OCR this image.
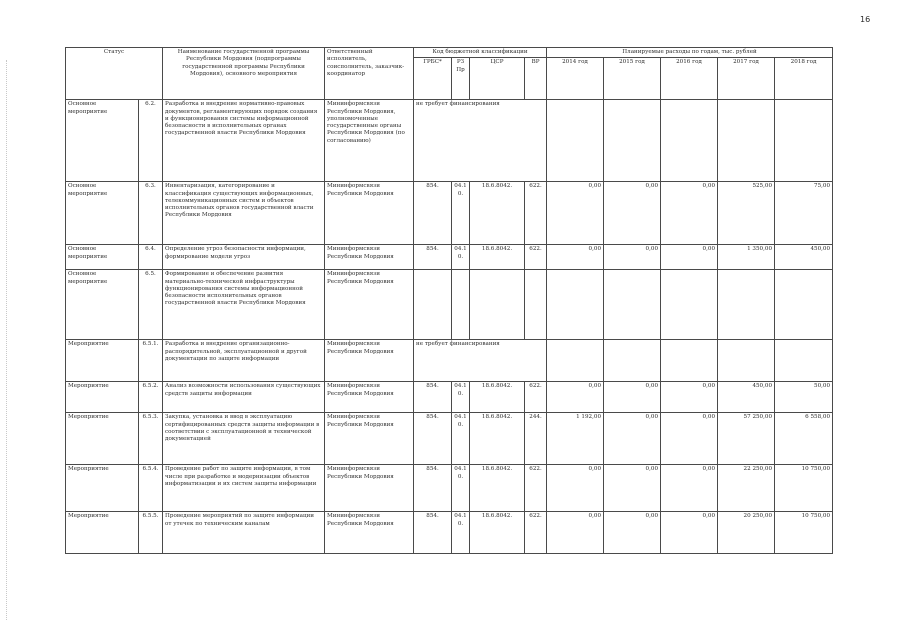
16
Статус		Наименование государственной программы Республики Мордовия (подпрограммы государственной программы Республики Мордовия), основного мероприятия	Ответственный исполнитель, соисполнитель, заказчик-координатор	Код бюджетной классификации				Планируемые расходы по годам, тыс. рублей				
				ГРБС*	РЗ Пр	ЦСР	ВР	2014 год	2015 год	2016 год	2017 год	2018 год
Основное мероприятие	6.2.	Разработка и внедрение нормативно-правовых документов, регламентирующих порядок создания и функционирования системы информационной безопасности в исполнительных органах государственной власти Республики Мордовия	Мининформсвязи Республики Мордовия, уполномоченные государственные органы Республики Мордовия (по согласованию)	не требует финансирования								
Основное мероприятие	6.3.	Инвентаризация, категорирование и классификация существующих информационных, телекоммуникационных систем и объектов исполнительных органов государственной власти Республики Мордовия	Мининформсвязи Республики Мордовия	854.	04.10.	18.6.8042.	622.	0,00	0,00	0,00	525,00	75,00
Основное мероприятие	6.4.	Определение угроз безопасности информации, формирование модели угроз	Мининформсвязи Республики Мордовия	854.	04.10.	18.6.8042.	622.	0,00	0,00	0,00	1 350,00	450,00
Основное мероприятие	6.5.	Формирование и обеспечение развития материально-технической инфраструктуры функционирования системы информационной безопасности исполнительных органов государственной власти Республики Мордовия	Мининформсвязи Республики Мордовия									
Мероприятие	6.5.1.	Разработка и внедрение организационно-распорядительной, эксплуатационной и другой документации по защите информации	Мининформсвязи Республики Мордовия	не требует финансирования								
Мероприятие	6.5.2.	Анализ возможности использования существующих средств защиты информации	Мининформсвязи Республики Мордовия	854.	04.10.	18.6.8042.	622.	0,00	0,00	0,00	450,00	50,00
Мероприятие	6.5.3.	Закупка, установка и ввод в эксплуатацию сертифицированных средств защиты информации в соответствии с эксплуатационной и технической документацией	Мининформсвязи Республики Мордовия	854.	04.10.	18.6.8042.	244.	1 192,00	0,00	0,00	57 250,00	6 558,00
Мероприятие	6.5.4.	Проведение работ по защите информации, в том числе при разработке и модернизации объектов информатизации и их систем защиты информации	Мининформсвязи Республики Мордовия	854.	04.10.	18.6.8042.	622.	0,00	0,00	0,00	22 250,00	10 750,00
Мероприятие	6.5.5.	Проведение мероприятий по защите информации от утечек по техническим каналам	Мининформсвязи Республики Мордовия	854.	04.10.	18.6.8042.	622.	0,00	0,00	0,00	20 250,00	10 750,00
